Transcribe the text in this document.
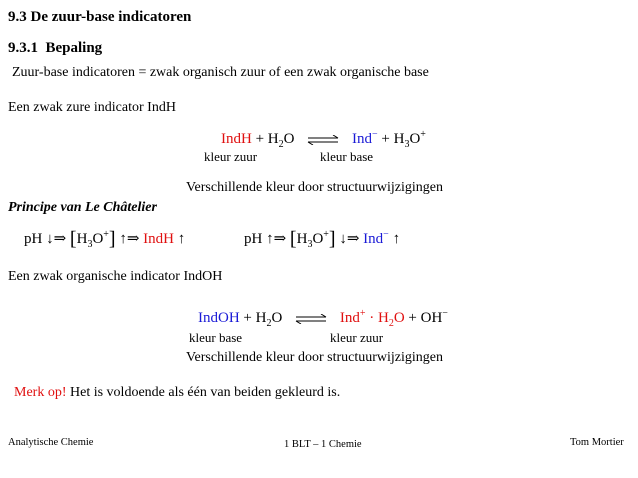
9.3 De zuur-base indicatoren
9.3.1 Bepaling
Zuur-base indicatoren = zwak organisch zuur of een zwak organische base
Een zwak zure indicator IndH
IndH + $H_2O$ ⇌ $Ind^- + H_3O^+$
kleur zuur	kleur base
Verschillende kleur door structuurwijzigingen
Principe van Le Châtelier
pH ↓⇒ $[H_3O^+]$ ↑⇒ IndH ↑	pH ↑⇒ $[H_3O^+]$ ↓⇒ Ind− ↑
Een zwak organische indicator IndOH
IndOH + $H_2O$ ⇌ $Ind^+ \cdot H_2O + OH^-$
kleur base	kleur zuur
Verschillende kleur door structuurwijzigingen
Merk op! Het is voldoende als één van beiden gekleurd is.
Analytische Chemie	1 BLT – 1 Chemie	Tom Mortier
